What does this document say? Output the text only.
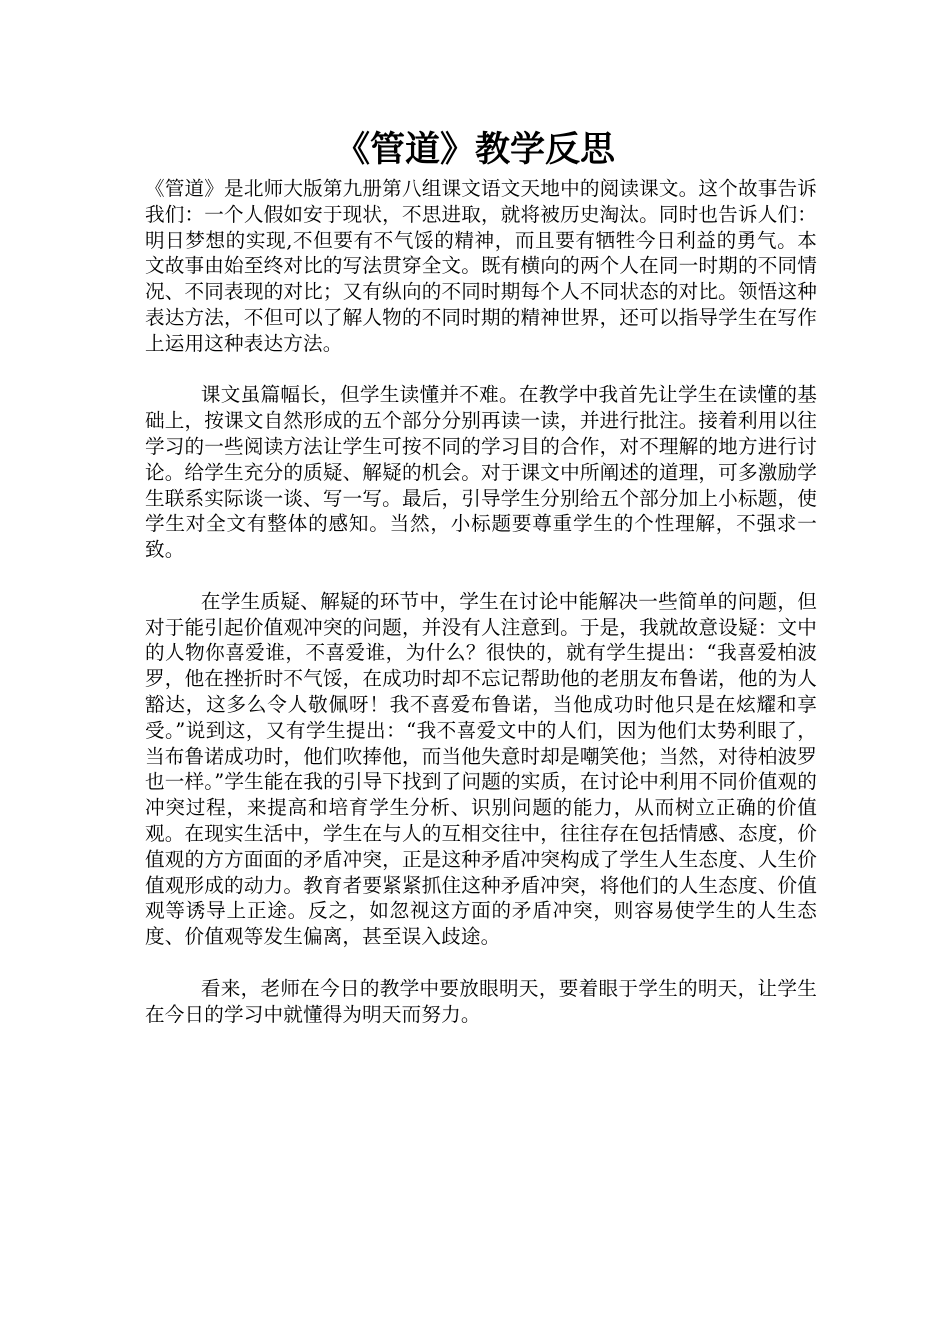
《管道》教学反思

《管道》是北师大版第九册第八组课文语文天地中的阅读课文。这个故事告诉我们：一个人假如安于现状，不思进取，就将被历史淘汰。同时也告诉人们：明日梦想的实现,不但要有不气馁的精神，而且要有牺牲今日利益的勇气。本文故事由始至终对比的写法贯穿全文。既有横向的两个人在同一时期的不同情况、不同表现的对比；又有纵向的不同时期每个人不同状态的对比。领悟这种表达方法，不但可以了解人物的不同时期的精神世界，还可以指导学生在写作上运用这种表达方法。

课文虽篇幅长，但学生读懂并不难。在教学中我首先让学生在读懂的基础上，按课文自然形成的五个部分分别再读一读，并进行批注。接着利用以往学习的一些阅读方法让学生可按不同的学习目的合作，对不理解的地方进行讨论。给学生充分的质疑、解疑的机会。对于课文中所阐述的道理，可多激励学生联系实际谈一谈、写一写。最后，引导学生分别给五个部分加上小标题，使学生对全文有整体的感知。当然，小标题要尊重学生的个性理解，不强求一致。

在学生质疑、解疑的环节中，学生在讨论中能解决一些简单的问题，但对于能引起价值观冲突的问题，并没有人注意到。于是，我就故意设疑：文中的人物你喜爱谁，不喜爱谁，为什么？很快的，就有学生提出：“我喜爱柏波罗，他在挫折时不气馁，在成功时却不忘记帮助他的老朋友布鲁诺，他的为人豁达，这多么令人敬佩呀！我不喜爱布鲁诺，当他成功时他只是在炫耀和享受。”说到这，又有学生提出：“我不喜爱文中的人们，因为他们太势利眼了，当布鲁诺成功时，他们吹捧他，而当他失意时却是嘲笑他；当然，对待柏波罗也一样。”学生能在我的引导下找到了问题的实质，在讨论中利用不同价值观的冲突过程，来提高和培育学生分析、识别问题的能力，从而树立正确的价值观。在现实生活中，学生在与人的互相交往中，往往存在包括情感、态度，价值观的方方面面的矛盾冲突，正是这种矛盾冲突构成了学生人生态度、人生价值观形成的动力。教育者要紧紧抓住这种矛盾冲突，将他们的人生态度、价值观等诱导上正途。反之，如忽视这方面的矛盾冲突，则容易使学生的人生态度、价值观等发生偏离，甚至误入歧途。

看来，老师在今日的教学中要放眼明天，要着眼于学生的明天，让学生在今日的学习中就懂得为明天而努力。
